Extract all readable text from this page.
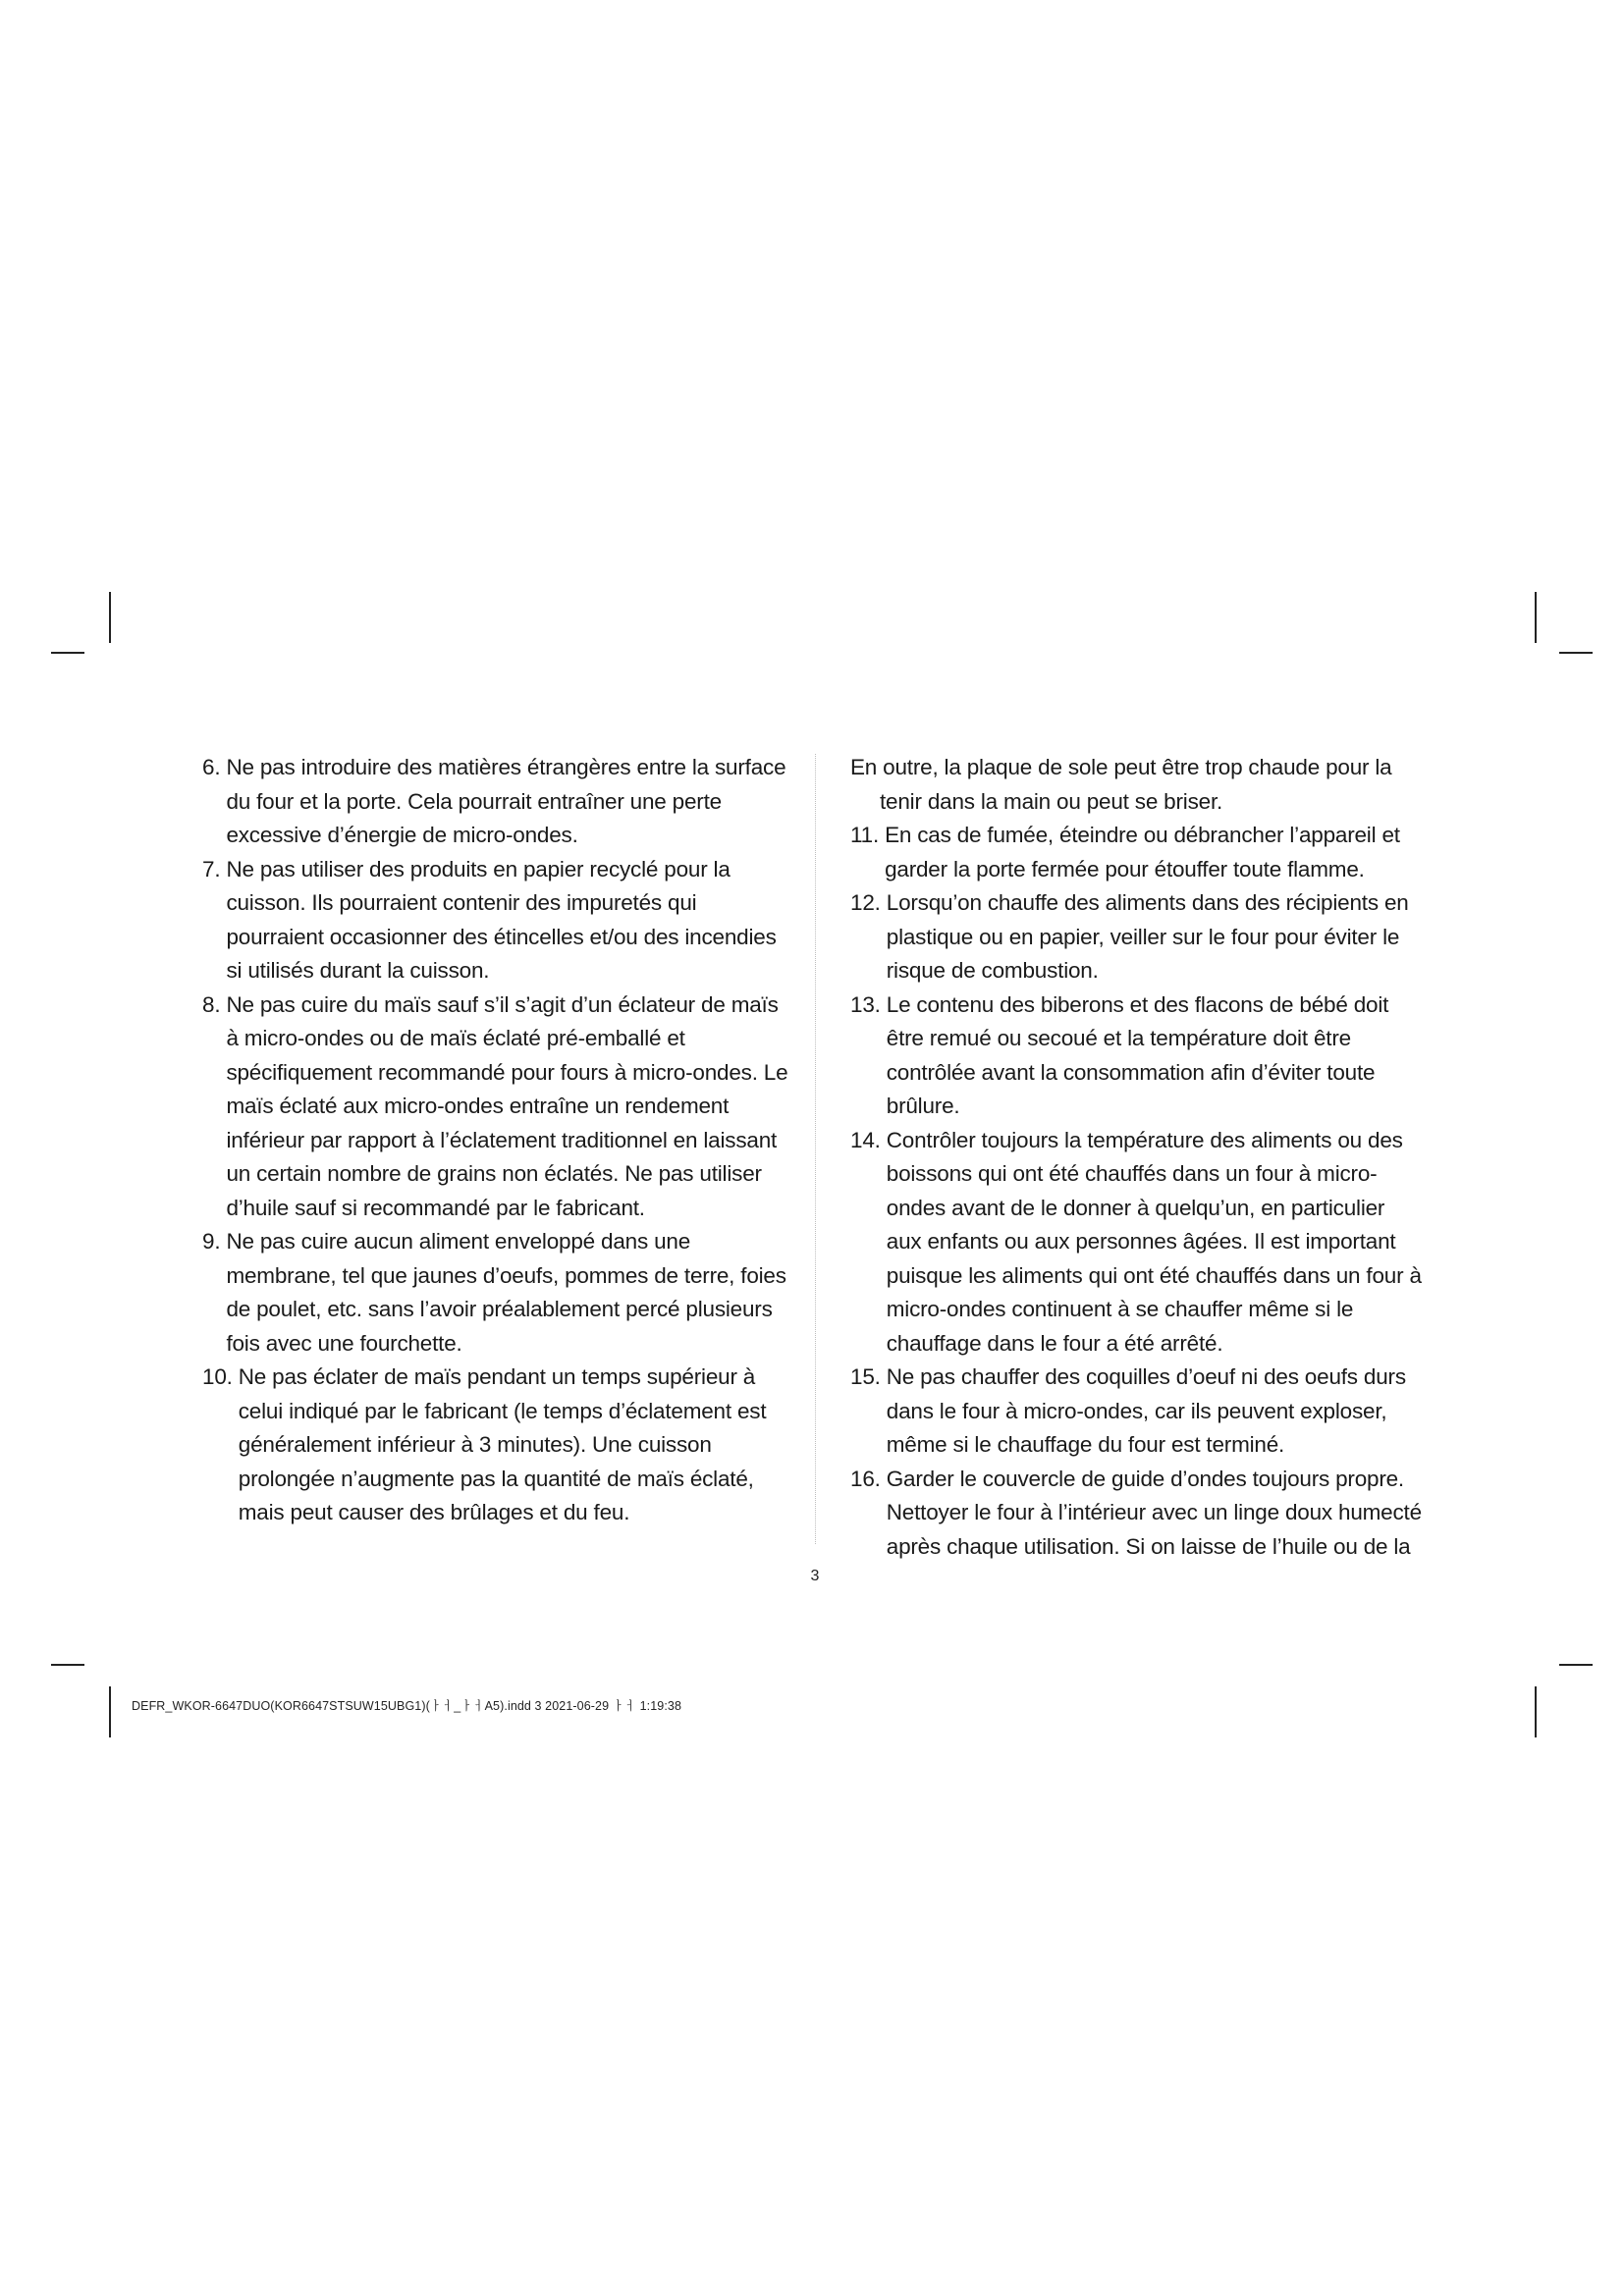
6.
Ne pas introduire des matières étrangères entre la surface du four et la porte. Cela pourrait entraîner une perte excessive d’énergie de micro-ondes.
7.
Ne pas utiliser des produits en papier recyclé pour la cuisson. Ils pourraient contenir des impuretés qui pourraient occasionner des étincelles et/ou des incendies si utilisés durant la cuisson.
8.
Ne pas cuire du maïs sauf s’il s’agit d’un éclateur de maïs à micro-ondes ou de maïs éclaté pré-emballé et spécifiquement recommandé pour fours à micro-ondes. Le maïs éclaté aux micro-ondes entraîne un rendement inférieur par rapport à l’éclatement traditionnel en laissant un certain nombre de grains non éclatés. Ne pas utiliser d’huile sauf si recommandé par le fabricant.
9.
Ne pas cuire aucun aliment enveloppé dans une membrane, tel que jaunes d’oeufs, pommes de terre, foies de poulet, etc. sans l’avoir préalablement percé plusieurs fois avec une fourchette.
10.
Ne pas éclater de maïs pendant un temps supérieur à celui indiqué par le fabricant (le temps d’éclatement est généralement inférieur à 3 minutes). Une cuisson prolongée n’augmente pas la quantité de maïs éclaté, mais peut causer des brûlages et du feu.
En outre, la plaque de sole peut être trop chaude pour la
tenir dans la main ou peut se briser.
11.
En cas de fumée, éteindre ou débrancher l’appareil et garder la porte fermée pour étouffer toute flamme.
12.
Lorsqu’on chauffe des aliments dans des récipients en plastique ou en papier, veiller sur le four pour éviter le risque de combustion.
13.
Le contenu des biberons et des flacons de bébé doit être remué ou secoué et la température doit être contrôlée avant la consommation afin d’éviter toute brûlure.
14.
Contrôler toujours la température des aliments ou des boissons qui ont été chauffés dans un four à micro-ondes avant de le donner à quelqu’un, en particulier aux enfants ou aux personnes âgées. Il est important puisque les aliments qui ont été chauffés dans un four à micro-ondes continuent à se chauffer même si le chauffage dans le four a été arrêté.
15.
Ne pas chauffer des coquilles d’oeuf ni des oeufs durs dans le four à micro-ondes, car ils peuvent exploser, même si le chauffage du four est terminé.
16.
Garder le couvercle de guide d’ondes toujours propre. Nettoyer le four à l’intérieur avec un linge doux humecté après chaque utilisation. Si on laisse de l’huile ou de la
3
DEFR_WKOR-6647DUO(KOR6647STSUW15UBG1)(ￂￆ_ￂￆA5).indd 3 2021-06-29 ￂￆ 1:19:38
